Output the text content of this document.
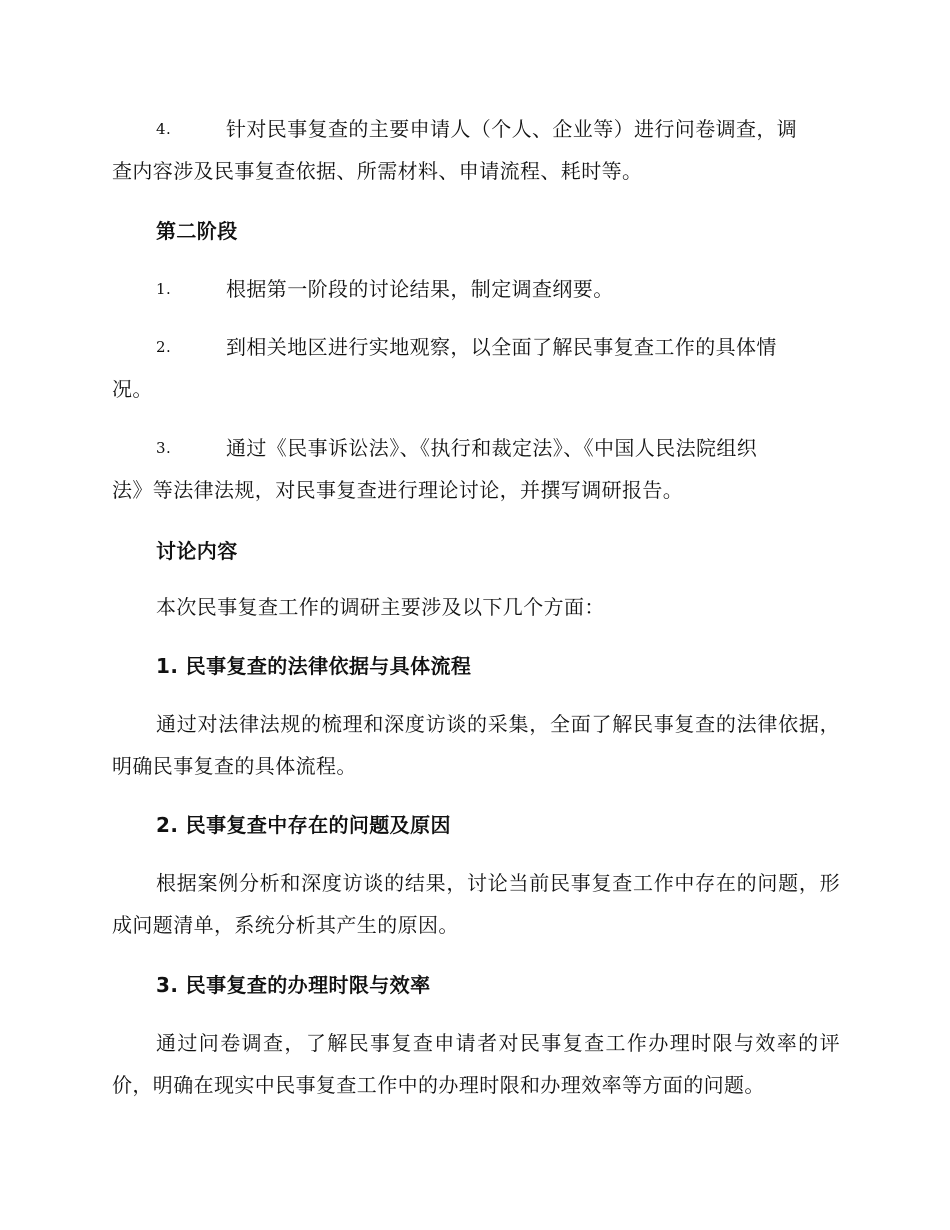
4.	针对民事复查的主要申请人（个人、企业等）进行问卷调查，调
查内容涉及民事复查依据、所需材料、申请流程、耗时等。

第二阶段

1.	根据第一阶段的讨论结果，制定调查纲要。

2.	到相关地区进行实地观察，以全面了解民事复查工作的具体情
况。

3.	通过《民事诉讼法》、《执行和裁定法》、《中国人民法院组织
法》等法律法规，对民事复查进行理论讨论，并撰写调研报告。

讨论内容

本次民事复查工作的调研主要涉及以下几个方面：

1. 民事复查的法律依据与具体流程

通过对法律法规的梳理和深度访谈的采集，全面了解民事复查的法律依据，明确民事复查的具体流程。

2. 民事复查中存在的问题及原因

根据案例分析和深度访谈的结果，讨论当前民事复查工作中存在的问题，形成问题清单，系统分析其产生的原因。

3. 民事复查的办理时限与效率

通过问卷调查，了解民事复查申请者对民事复查工作办理时限与效率的评价，明确在现实中民事复查工作中的办理时限和办理效率等方面的问题。
